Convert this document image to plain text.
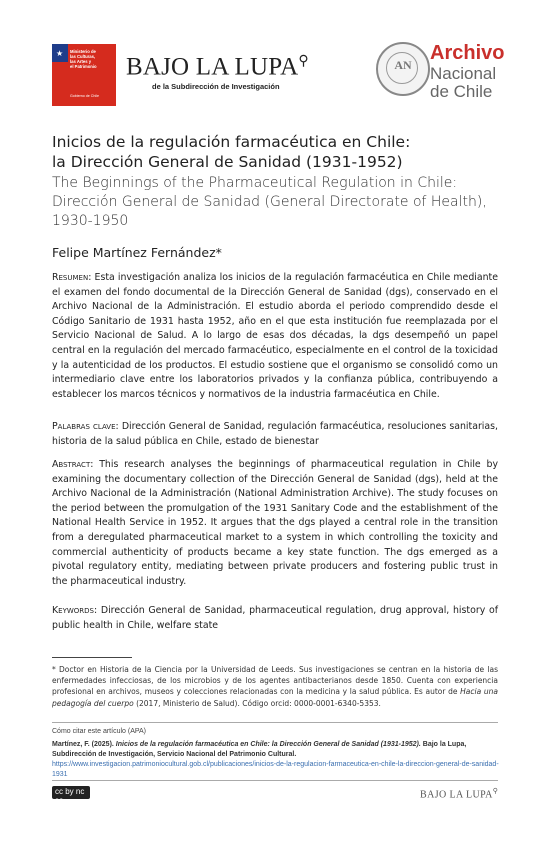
★ Ministerio de
las Culturas,
las Artes y
el Patrimonio
Gobierno de Chile
BAJO LA LUPA⚲
de la Subdirección de Investigación
AN
Archivo
Nacional
de Chile
Inicios de la regulación farmacéutica en Chile:
la Dirección General de Sanidad (1931-1952)
The Beginnings of the Pharmaceutical Regulation in Chile:
Dirección General de Sanidad (General Directorate of Health),
1930-1950
Felipe Martínez Fernández*
Resumen: Esta investigación analiza los inicios de la regulación farmacéutica en Chile mediante el examen del fondo documental de la Dirección General de Sanidad (dgs), conservado en el Archivo Nacional de la Administración. El estudio aborda el periodo comprendido desde el Código Sanitario de 1931 hasta 1952, año en el que esta institución fue reemplazada por el Servicio Nacional de Salud. A lo largo de esas dos décadas, la dgs desempeñó un papel central en la regulación del mercado farmacéutico, especialmente en el control de la toxicidad y la autenticidad de los productos. El estudio sostiene que el organismo se consolidó como un intermediario clave entre los laboratorios privados y la confianza pública, contribuyendo a establecer los marcos técnicos y normativos de la industria farmacéutica en Chile.
Palabras clave: Dirección General de Sanidad, regulación farmacéutica, resoluciones sanitarias, historia de la salud pública en Chile, estado de bienestar
Abstract: This research analyses the beginnings of pharmaceutical regulation in Chile by examining the documentary collection of the Dirección General de Sanidad (dgs), held at the Archivo Nacional de la Administración (National Administration Archive). The study focuses on the period between the promulgation of the 1931 Sanitary Code and the establishment of the National Health Service in 1952. It argues that the dgs played a central role in the transition from a deregulated pharmaceutical market to a system in which controlling the toxicity and commercial authenticity of products became a key state function. The dgs emerged as a pivotal regulatory entity, mediating between private producers and fostering public trust in the pharmaceutical industry.
Keywords: Dirección General de Sanidad, pharmaceutical regulation, drug approval, history of public health in Chile, welfare state
* Doctor en Historia de la Ciencia por la Universidad de Leeds. Sus investigaciones se centran en la historia de las enfermedades infecciosas, de los microbios y de los agentes antibacterianos desde 1850. Cuenta con experiencia profesional en archivos, museos y colecciones relacionadas con la medicina y la salud pública. Es autor de Hacia una pedagogía del cuerpo (2017, Ministerio de Salud). Código orcid: 0000-0001-6340-5353.
Cómo citar este artículo (APA)
Martínez, F. (2025). Inicios de la regulación farmacéutica en Chile: la Dirección General de Sanidad (1931-1952). Bajo la Lupa, Subdirección de Investigación, Servicio Nacional del Patrimonio Cultural. https://www.investigacion.patrimoniocultural.gob.cl/publicaciones/inicios-de-la-regulacion-farmaceutica-en-chile-la-direccion-general-de-sanidad-1931
cc by nc sa
BAJO LA LUPA⚲
